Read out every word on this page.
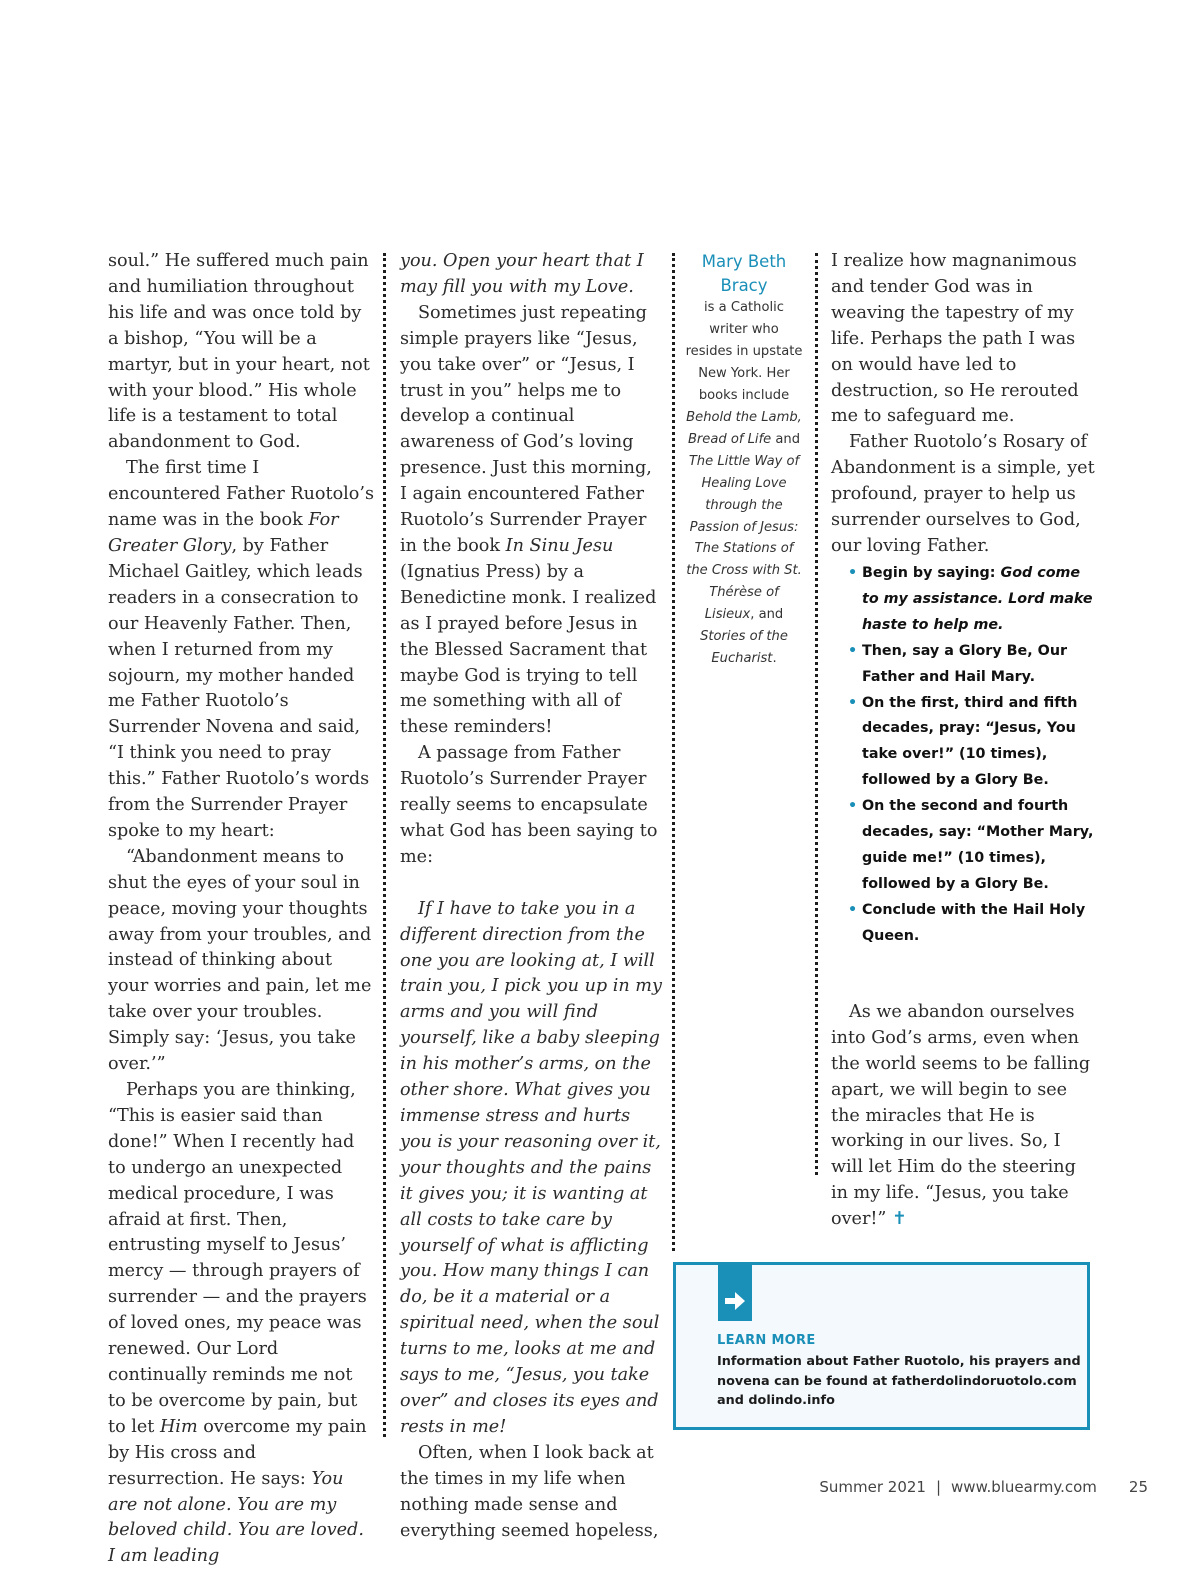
soul.” He suffered much pain and humiliation throughout his life and was once told by a bishop, “You will be a martyr, but in your heart, not with your blood.” His whole life is a testament to total abandonment to God.

The first time I encountered Father Ruotolo’s name was in the book For Greater Glory, by Father Michael Gaitley, which leads readers in a consecration to our Heavenly Father. Then, when I returned from my sojourn, my mother handed me Father Ruotolo’s Surrender Novena and said, “I think you need to pray this.” Father Ruotolo’s words from the Surrender Prayer spoke to my heart:

“Abandonment means to shut the eyes of your soul in peace, moving your thoughts away from your troubles, and instead of thinking about your worries and pain, let me take over your troubles. Simply say: ‘Jesus, you take over.’”

Perhaps you are thinking, “This is easier said than done!” When I recently had to undergo an unexpected medical procedure, I was afraid at first. Then, entrusting myself to Jesus’ mercy — through prayers of surrender — and the prayers of loved ones, my peace was renewed. Our Lord continually reminds me not to be overcome by pain, but to let Him overcome my pain by His cross and resurrection. He says: You are not alone. You are my beloved child. You are loved. I am leading

you. Open your heart that I may fill you with my Love.

Sometimes just repeating simple prayers like “Jesus, you take over” or “Jesus, I trust in you” helps me to develop a continual awareness of God’s loving presence. Just this morning, I again encountered Father Ruotolo’s Surrender Prayer in the book In Sinu Jesu (Ignatius Press) by a Benedictine monk. I realized as I prayed before Jesus in the Blessed Sacrament that maybe God is trying to tell me something with all of these reminders!

A passage from Father Ruotolo’s Surrender Prayer really seems to encapsulate what God has been saying to me:

If I have to take you in a different direction from the one you are looking at, I will train you, I pick you up in my arms and you will find yourself, like a baby sleeping in his mother’s arms, on the other shore. What gives you immense stress and hurts you is your reasoning over it, your thoughts and the pains it gives you; it is wanting at all costs to take care by yourself of what is afflicting you. How many things I can do, be it a material or a spiritual need, when the soul turns to me, looks at me and says to me, “Jesus, you take over” and closes its eyes and rests in me!

Often, when I look back at the times in my life when nothing made sense and everything seemed hopeless,

Mary Beth Bracy
is a Catholic writer who resides in upstate New York. Her books include Behold the Lamb, Bread of Life and The Little Way of Healing Love through the Passion of Jesus: The Stations of the Cross with St. Thérèse of Lisieux, and Stories of the Eucharist.

I realize how magnanimous and tender God was in weaving the tapestry of my life. Perhaps the path I was on would have led to destruction, so He rerouted me to safeguard me.

Father Ruotolo’s Rosary of Abandonment is a simple, yet profound, prayer to help us surrender ourselves to God, our loving Father.

As we abandon ourselves into God’s arms, even when the world seems to be falling apart, we will begin to see the miracles that He is working in our lives. So, I will let Him do the steering in my life. “Jesus, you take over!” ✝

• Begin by saying: God come to my assistance. Lord make haste to help me.
• Then, say a Glory Be, Our Father and Hail Mary.
• On the first, third and fifth decades, pray: “Jesus, You take over!” (10 times), followed by a Glory Be.
• On the second and fourth decades, say: “Mother Mary, guide me!” (10 times), followed by a Glory Be.
• Conclude with the Hail Holy Queen.
LEARN MORE
Information about Father Ruotolo, his prayers and novena can be found at fatherdolindoruotolo.com and dolindo.info
Summer 2021 | www.bluearmy.com 25
